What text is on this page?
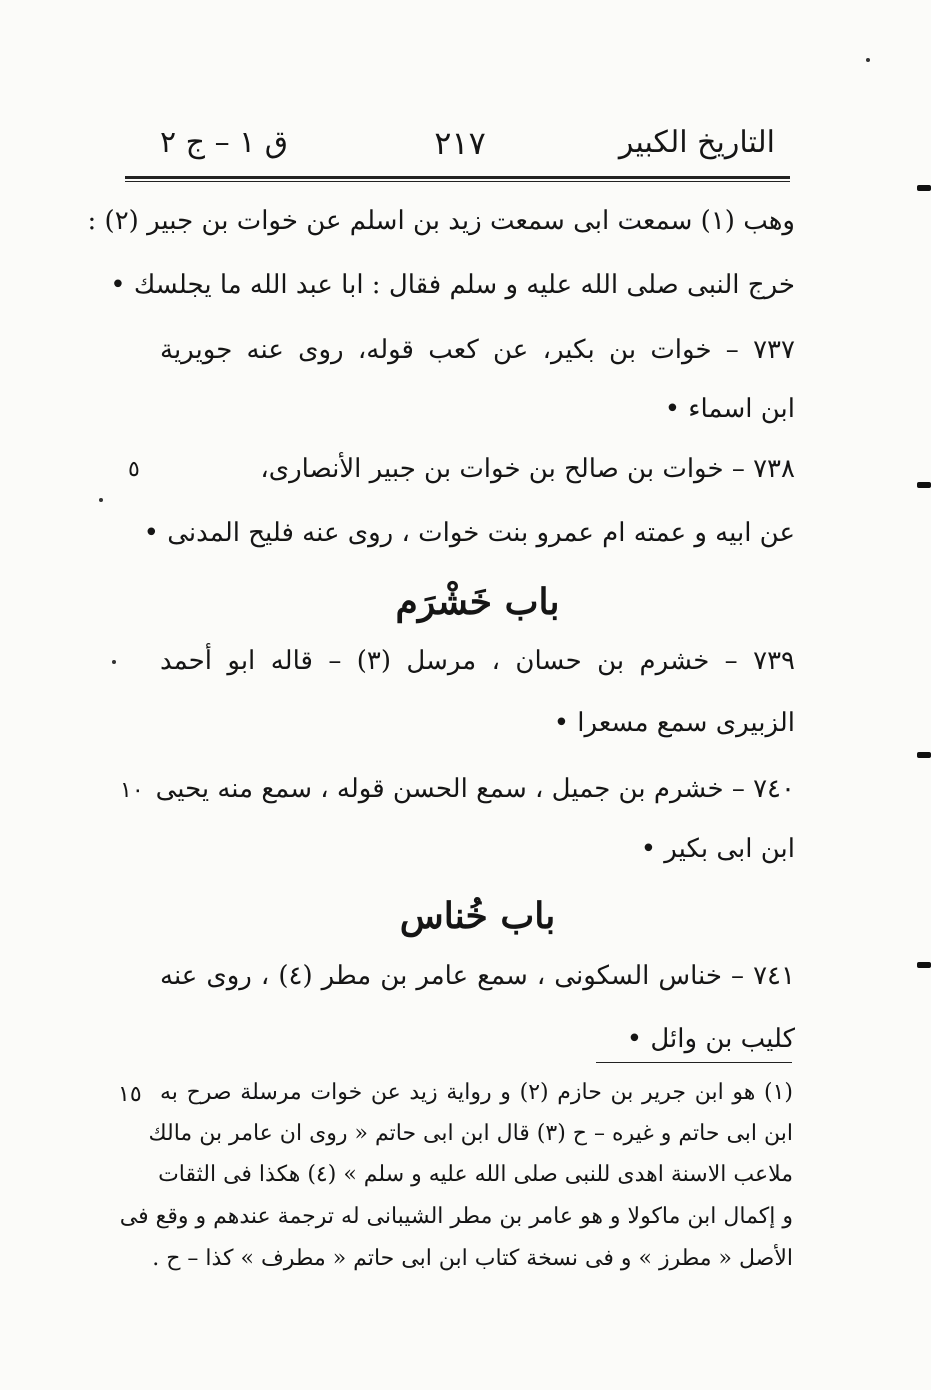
التاريخ الكبير
٢١٧
ق ١ – ج ٢
وهب (١) سمعت ابى سمعت زيد بن اسلم عن خوات بن جبير (٢) :
خرج النبى صلى الله عليه و سلم فقال : ابا عبد الله ما يجلسك •
٧٣٧ – خوات بن بكير، عن كعب قوله، روى عنه جويرية
ابن اسماء •
٧٣٨ – خوات بن صالح بن خوات بن جبير الأنصارى،
عن ابيه و عمته ام عمرو بنت خوات ، روى عنه فليح المدنى •
باب خَشْرَم
٧٣٩ – خشرم بن حسان ، مرسل (٣) – قاله ابو أحمد
الزبيرى سمع مسعرا •
٧٤٠ – خشرم بن جميل ، سمع الحسن قوله ، سمع منه يحيى
ابن ابى بكير •
باب خُناس
٧٤١ – خناس السكونى ، سمع عامر بن مطر (٤) ، روى عنه
كليب بن وائل •
٥
١٠
١٥ (١) هو ابن جرير بن حازم (٢) و رواية زيد عن خوات مرسلة صرح به
ابن ابى حاتم و غيره – ح (٣) قال ابن ابى حاتم « روى ان عامر بن مالك
ملاعب الاسنة اهدى للنبى صلى الله عليه و سلم » (٤) هكذا فى الثقات
و إكمال ابن ماكولا و هو عامر بن مطر الشيبانى له ترجمة عندهم و وقع فى
الأصل « مطرز » و فى نسخة كتاب ابن ابى حاتم « مطرف » كذا – ح .
